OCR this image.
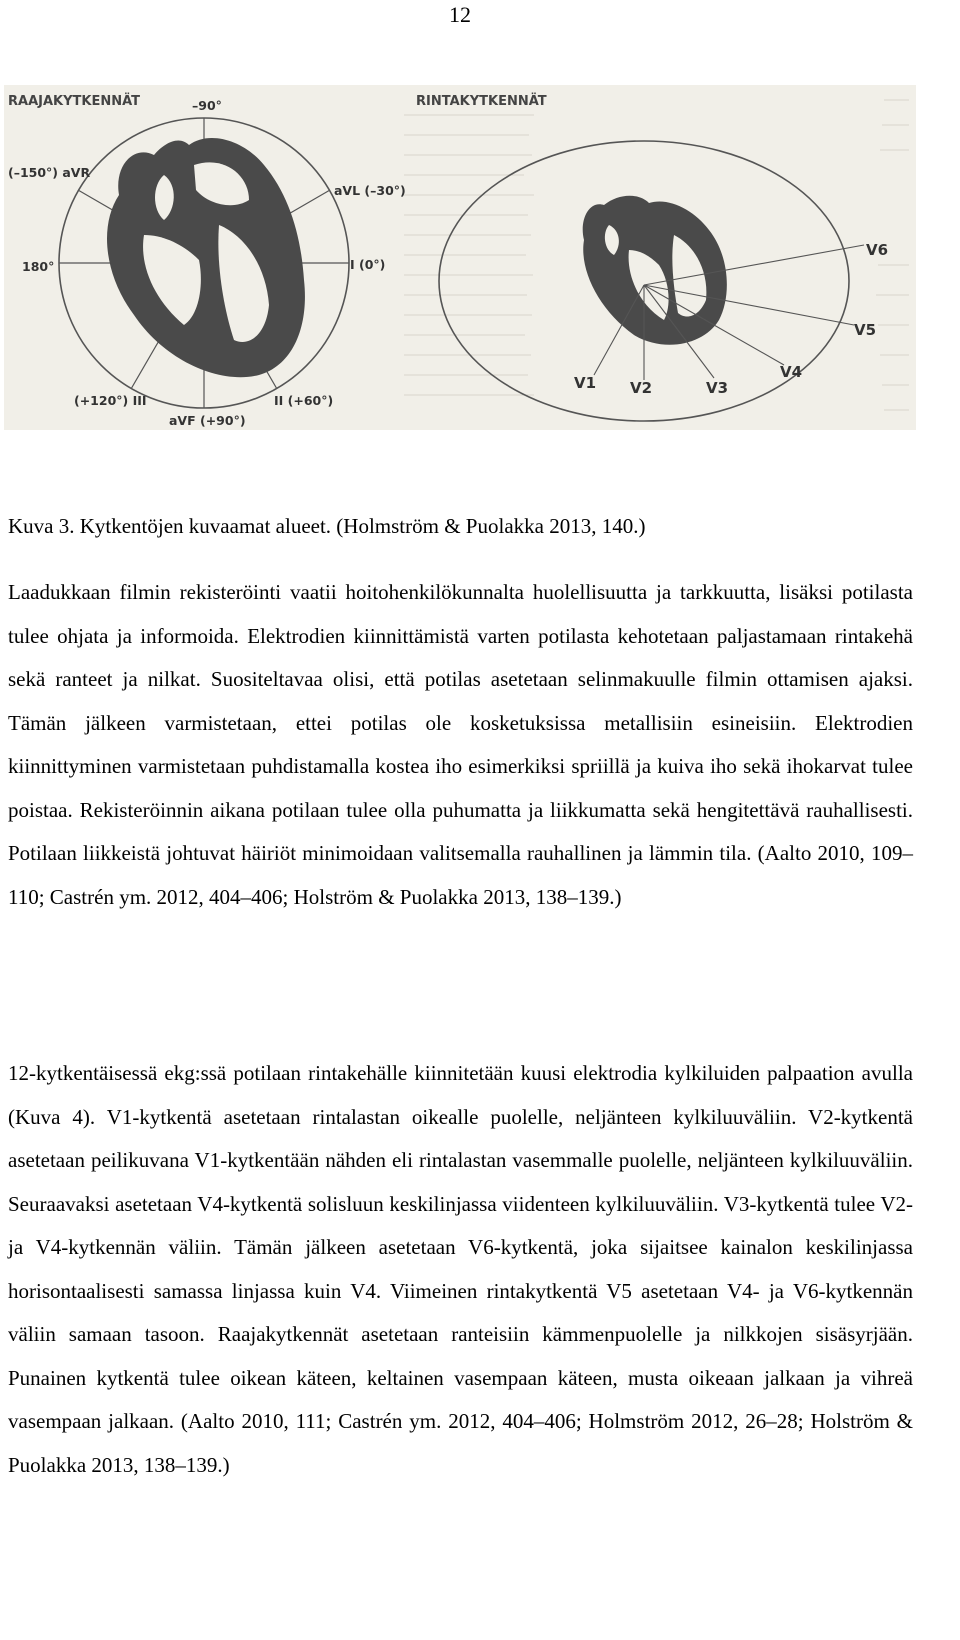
12
RAAJAKYTKENNÄT	–90°
(–150°) aVR
aVL (–30°)
180°	I (0°)
(+120°) III	II (+60°)
aVF (+90°)
RINTAKYTKENNÄT
V1 V2	V3
V4
V5
V6
Kuva 3. Kytkentöjen kuvaamat alueet. (Holmström & Puolakka 2013, 140.)

Laadukkaan filmin rekisteröinti vaatii hoitohenkilökunnalta huolellisuutta ja tarkkuutta, lisäksi potilasta tulee ohjata ja informoida. Elektrodien kiinnittämistä varten potilasta kehotetaan paljastamaan rintakehä sekä ranteet ja nilkat. Suositeltavaa olisi, että potilas asetetaan selinmakuulle filmin ottamisen ajaksi. Tämän jälkeen varmistetaan, ettei potilas ole kosketuksissa metallisiin esineisiin. Elektrodien kiinnittyminen varmistetaan puhdistamalla kostea iho esimerkiksi spriillä ja kuiva iho sekä ihokarvat tulee poistaa. Rekisteröinnin aikana potilaan tulee olla puhumatta ja liikkumatta sekä hengitettävä rauhallisesti. Potilaan liikkeistä johtuvat häiriöt minimoidaan valitsemalla rauhallinen ja lämmin tila. (Aalto 2010, 109–110; Castrén ym. 2012, 404–406; Holström & Puolakka 2013, 138–139.)

12-kytkentäisessä ekg:ssä potilaan rintakehälle kiinnitetään kuusi elektrodia kylkiluiden palpaation avulla (Kuva 4). V1-kytkentä asetetaan rintalastan oikealle puolelle, neljänteen kylkiluuväliin. V2-kytkentä asetetaan peilikuvana V1-kytkentään nähden eli rintalastan vasemmalle puolelle, neljänteen kylkiluuväliin. Seuraavaksi asetetaan V4-kytkentä solisluun keskilinjassa viidenteen kylkiluuväliin. V3-kytkentä tulee V2- ja V4-kytkennän väliin. Tämän jälkeen asetetaan V6-kytkentä, joka sijaitsee kainalon keskilinjassa horisontaalisesti samassa linjassa kuin V4. Viimeinen rintakytkentä V5 asetetaan V4- ja V6-kytkennän väliin samaan tasoon. Raajakytkennät asetetaan ranteisiin kämmenpuolelle ja nilkkojen sisäsyrjään. Punainen kytkentä tulee oikean käteen, keltainen vasempaan käteen, musta oikeaan jalkaan ja vihreä vasempaan jalkaan. (Aalto 2010, 111; Castrén ym. 2012, 404–406; Holmström 2012, 26–28; Holström & Puolakka 2013, 138–139.)
